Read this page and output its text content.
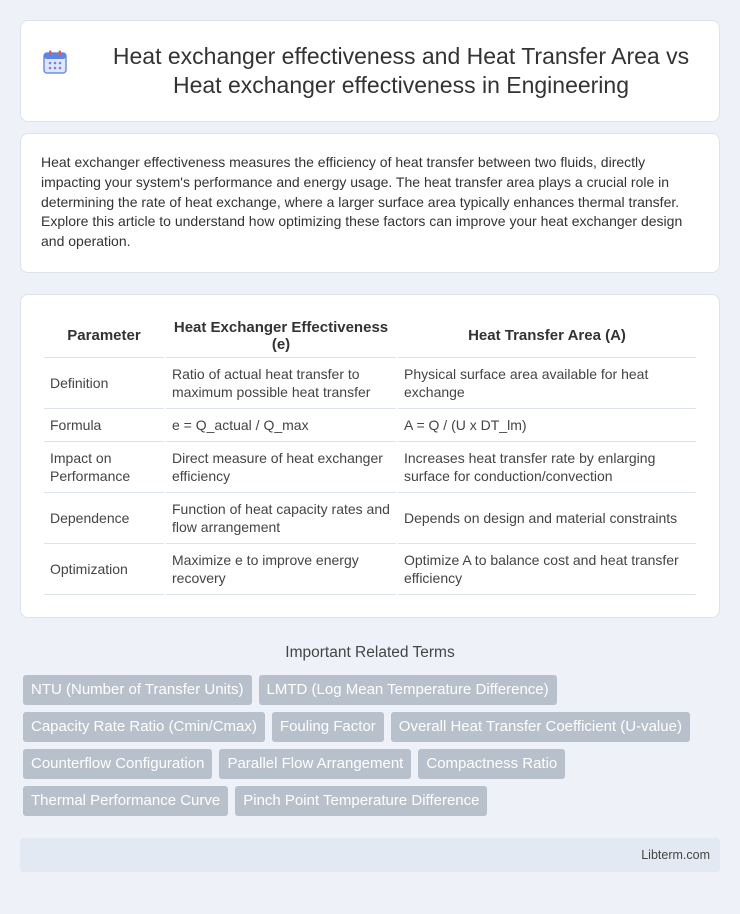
Heat exchanger effectiveness and Heat Transfer Area vs Heat exchanger effectiveness in Engineering

Heat exchanger effectiveness measures the efficiency of heat transfer between two fluids, directly impacting your system's performance and energy usage. The heat transfer area plays a crucial role in determining the rate of heat exchange, where a larger surface area typically enhances thermal transfer. Explore this article to understand how optimizing these factors can improve your heat exchanger design and operation.

Parameter	Heat Exchanger Effectiveness (e)	Heat Transfer Area (A)
Definition	Ratio of actual heat transfer to maximum possible heat transfer	Physical surface area available for heat exchange
Formula	e = Q_actual / Q_max	A = Q / (U x DT_lm)
Impact on Performance	Direct measure of heat exchanger efficiency	Increases heat transfer rate by enlarging surface for conduction/convection
Dependence	Function of heat capacity rates and flow arrangement	Depends on design and material constraints
Optimization	Maximize e to improve energy recovery	Optimize A to balance cost and heat transfer efficiency
Important Related Terms
NTU (Number of Transfer Units)	LMTD (Log Mean Temperature Difference)
Capacity Rate Ratio (Cmin/Cmax)	Fouling Factor	Overall Heat Transfer Coefficient (U-value)
Counterflow Configuration	Parallel Flow Arrangement	Compactness Ratio
Thermal Performance Curve	Pinch Point Temperature Difference
Libterm.com
